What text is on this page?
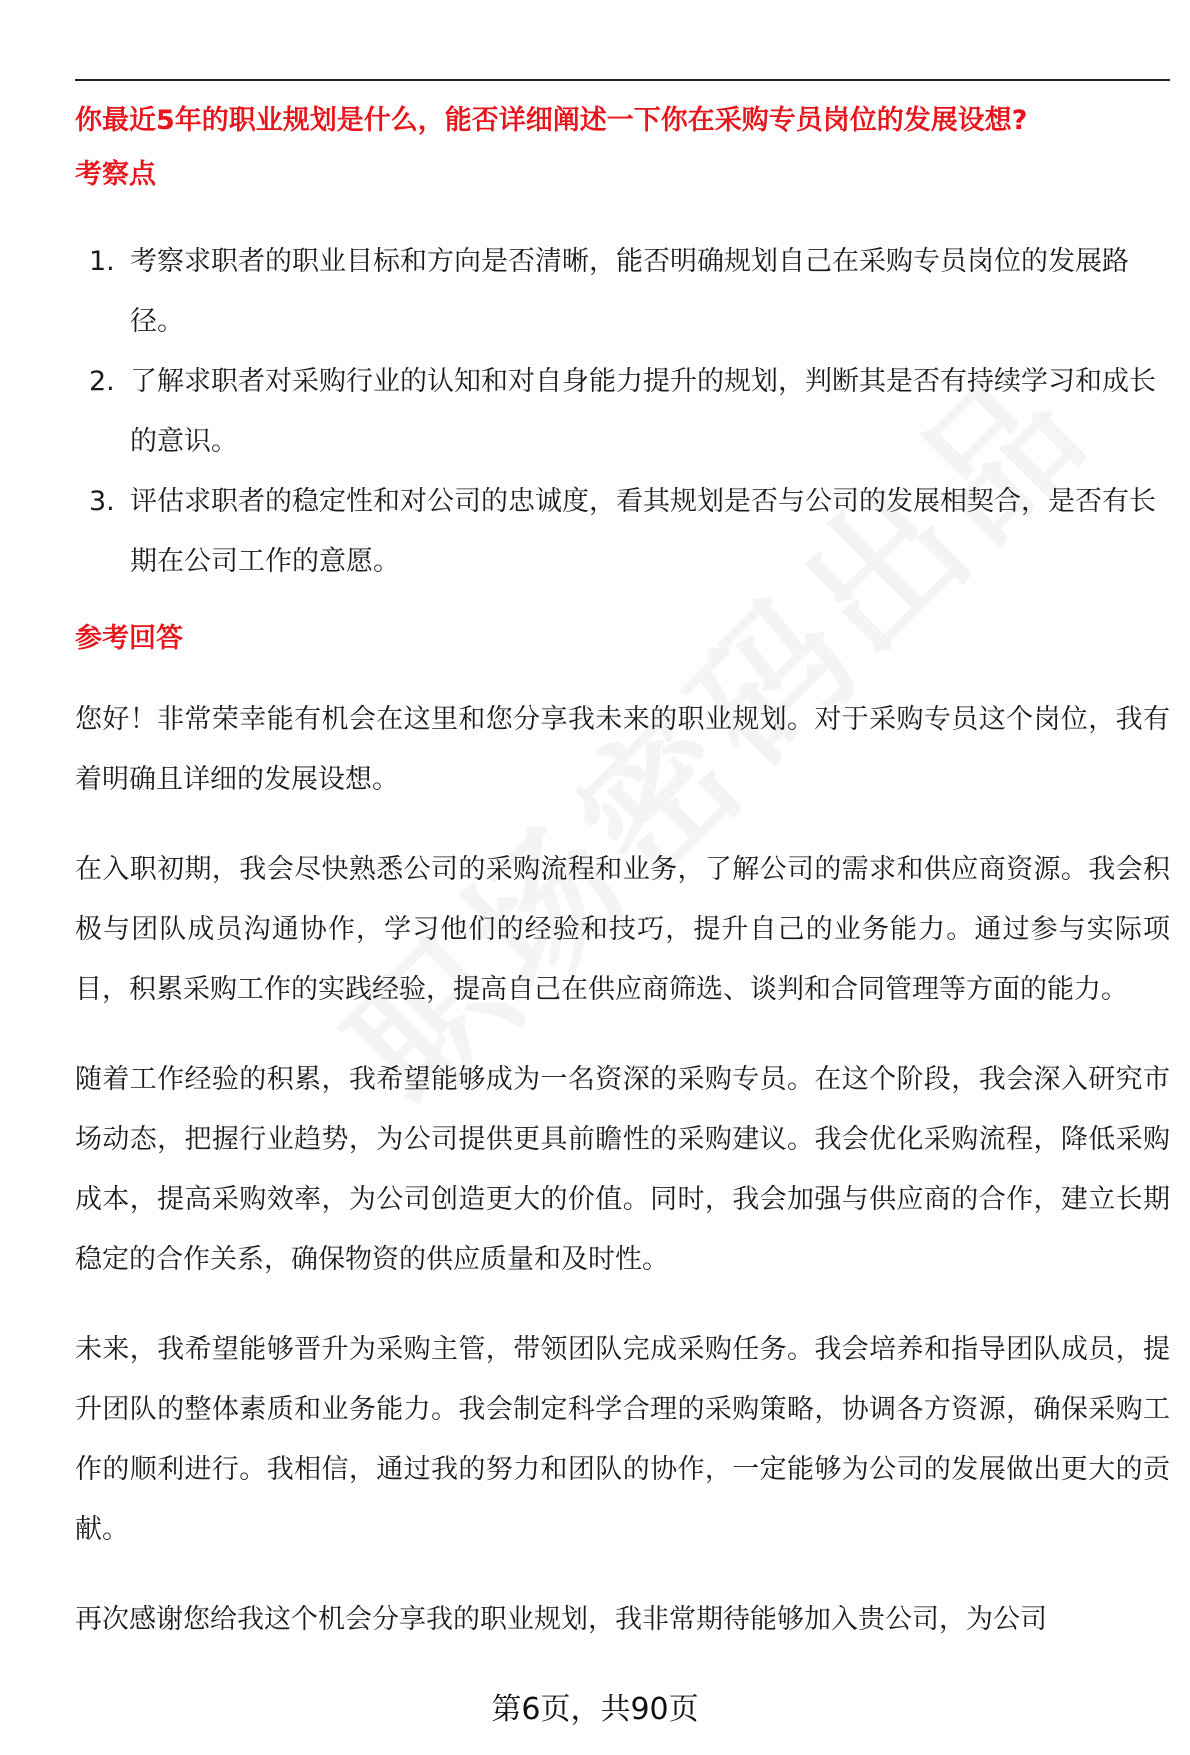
你最近5年的职业规划是什么，能否详细阐述一下你在采购专员岗位的发展设想?
考察点
1. 考察求职者的职业目标和方向是否清晰，能否明确规划自己在采购专员岗位的发展路径。
2. 了解求职者对采购行业的认知和对自身能力提升的规划，判断其是否有持续学习和成长的意识。
3. 评估求职者的稳定性和对公司的忠诚度，看其规划是否与公司的发展相契合，是否有长期在公司工作的意愿。
参考回答

您好！非常荣幸能有机会在这里和您分享我未来的职业规划。对于采购专员这个岗位，我有着明确且详细的发展设想。

在入职初期，我会尽快熟悉公司的采购流程和业务，了解公司的需求和供应商资源。我会积极与团队成员沟通协作，学习他们的经验和技巧，提升自己的业务能力。通过参与实际项目，积累采购工作的实践经验，提高自己在供应商筛选、谈判和合同管理等方面的能力。

随着工作经验的积累，我希望能够成为一名资深的采购专员。在这个阶段，我会深入研究市场动态，把握行业趋势，为公司提供更具前瞻性的采购建议。我会优化采购流程，降低采购成本，提高采购效率，为公司创造更大的价值。同时，我会加强与供应商的合作，建立长期稳定的合作关系，确保物资的供应质量和及时性。

未来，我希望能够晋升为采购主管，带领团队完成采购任务。我会培养和指导团队成员，提升团队的整体素质和业务能力。我会制定科学合理的采购策略，协调各方资源，确保采购工作的顺利进行。我相信，通过我的努力和团队的协作，一定能够为公司的发展做出更大的贡献。

再次感谢您给我这个机会分享我的职业规划，我非常期待能够加入贵公司，为公司

第6页，共90页
